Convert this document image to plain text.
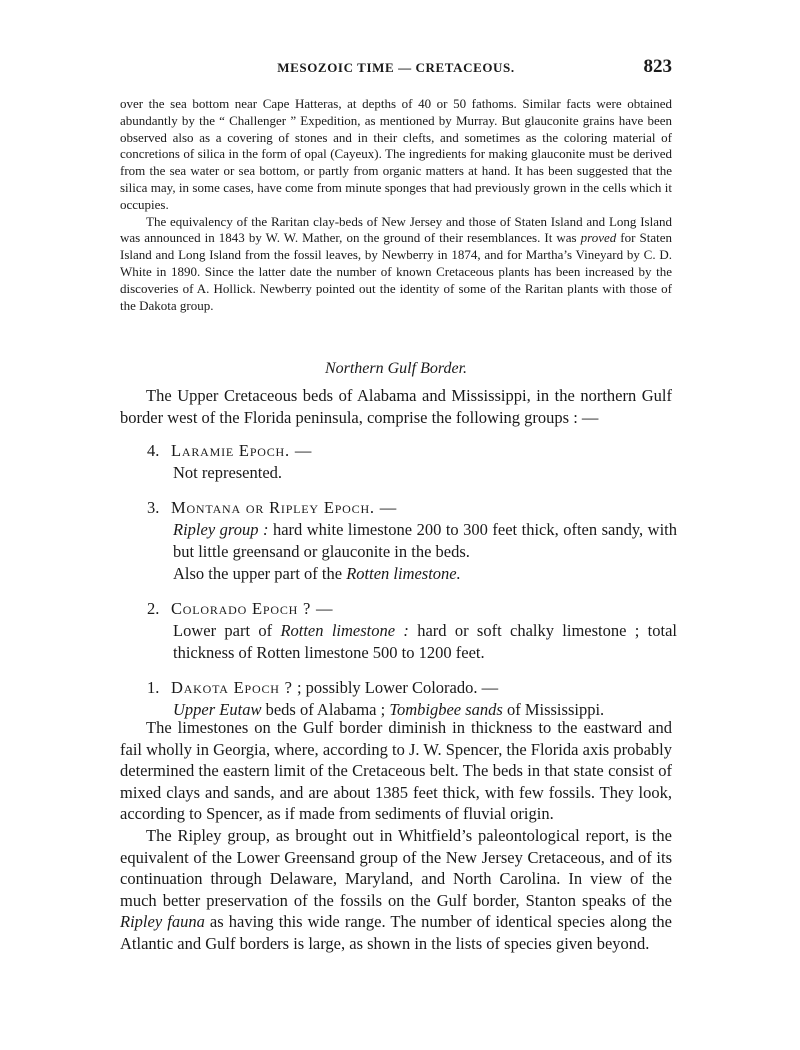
MESOZOIC TIME — CRETACEOUS.	823

over the sea bottom near Cape Hatteras, at depths of 40 or 50 fathoms. Similar facts were obtained abundantly by the “ Challenger ” Expedition, as mentioned by Murray. But glauconite grains have been observed also as a covering of stones and in their clefts, and sometimes as the coloring material of concretions of silica in the form of opal (Cayeux). The ingredients for making glauconite must be derived from the sea water or sea bottom, or partly from organic matters at hand. It has been suggested that the silica may, in some cases, have come from minute sponges that had previously grown in the cells which it occupies.

The equivalency of the Raritan clay-beds of New Jersey and those of Staten Island and Long Island was announced in 1843 by W. W. Mather, on the ground of their resemblances. It was proved for Staten Island and Long Island from the fossil leaves, by Newberry in 1874, and for Martha’s Vineyard by C. D. White in 1890. Since the latter date the number of known Cretaceous plants has been increased by the discoveries of A. Hollick. Newberry pointed out the identity of some of the Raritan plants with those of the Dakota group.

Northern Gulf Border.
The Upper Cretaceous beds of Alabama and Mississippi, in the northern Gulf border west of the Florida peninsula, comprise the following groups : —
4. Laramie Epoch. —
Not represented.
3. Montana or Ripley Epoch. —
Ripley group : hard white limestone 200 to 300 feet thick, often sandy, with but little greensand or glauconite in the beds.
Also the upper part of the Rotten limestone.
2. Colorado Epoch ? —
Lower part of Rotten limestone : hard or soft chalky limestone ; total thickness of Rotten limestone 500 to 1200 feet.
1. Dakota Epoch ? ; possibly Lower Colorado. —
Upper Eutaw beds of Alabama ; Tombigbee sands of Mississippi.

The limestones on the Gulf border diminish in thickness to the eastward and fail wholly in Georgia, where, according to J. W. Spencer, the Florida axis probably determined the eastern limit of the Cretaceous belt. The beds in that state consist of mixed clays and sands, and are about 1385 feet thick, with few fossils. They look, according to Spencer, as if made from sediments of fluvial origin.

The Ripley group, as brought out in Whitfield’s paleontological report, is the equivalent of the Lower Greensand group of the New Jersey Cretaceous, and of its continuation through Delaware, Maryland, and North Carolina. In view of the much better preservation of the fossils on the Gulf border, Stanton speaks of the Ripley fauna as having this wide range. The number of identical species along the Atlantic and Gulf borders is large, as shown in the lists of species given beyond.
